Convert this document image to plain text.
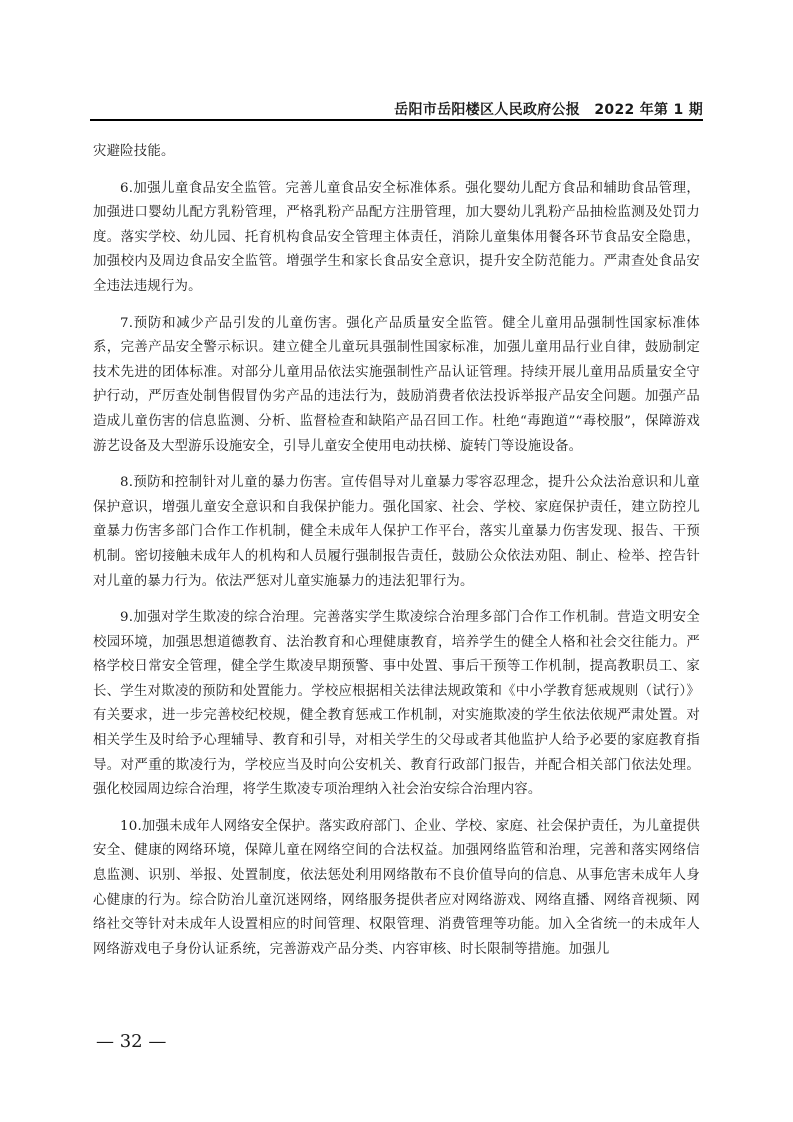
岳阳市岳阳楼区人民政府公报　2022 年第 1 期

灾避险技能。

6.加强儿童食品安全监管。完善儿童食品安全标准体系。强化婴幼儿配方食品和辅助食品管理，加强进口婴幼儿配方乳粉管理，严格乳粉产品配方注册管理，加大婴幼儿乳粉产品抽检监测及处罚力度。落实学校、幼儿园、托育机构食品安全管理主体责任，消除儿童集体用餐各环节食品安全隐患，加强校内及周边食品安全监管。增强学生和家长食品安全意识，提升安全防范能力。严肃查处食品安全违法违规行为。

7.预防和减少产品引发的儿童伤害。强化产品质量安全监管。健全儿童用品强制性国家标准体系，完善产品安全警示标识。建立健全儿童玩具强制性国家标准，加强儿童用品行业自律，鼓励制定技术先进的团体标准。对部分儿童用品依法实施强制性产品认证管理。持续开展儿童用品质量安全守护行动，严厉查处制售假冒伪劣产品的违法行为，鼓励消费者依法投诉举报产品安全问题。加强产品造成儿童伤害的信息监测、分析、监督检查和缺陷产品召回工作。杜绝“毒跑道”“毒校服”，保障游戏游艺设备及大型游乐设施安全，引导儿童安全使用电动扶梯、旋转门等设施设备。

8.预防和控制针对儿童的暴力伤害。宣传倡导对儿童暴力零容忍理念，提升公众法治意识和儿童保护意识，增强儿童安全意识和自我保护能力。强化国家、社会、学校、家庭保护责任，建立防控儿童暴力伤害多部门合作工作机制，健全未成年人保护工作平台，落实儿童暴力伤害发现、报告、干预机制。密切接触未成年人的机构和人员履行强制报告责任，鼓励公众依法劝阻、制止、检举、控告针对儿童的暴力行为。依法严惩对儿童实施暴力的违法犯罪行为。

9.加强对学生欺凌的综合治理。完善落实学生欺凌综合治理多部门合作工作机制。营造文明安全校园环境，加强思想道德教育、法治教育和心理健康教育，培养学生的健全人格和社会交往能力。严格学校日常安全管理，健全学生欺凌早期预警、事中处置、事后干预等工作机制，提高教职员工、家长、学生对欺凌的预防和处置能力。学校应根据相关法律法规政策和《中小学教育惩戒规则（试行）》有关要求，进一步完善校纪校规，健全教育惩戒工作机制，对实施欺凌的学生依法依规严肃处置。对相关学生及时给予心理辅导、教育和引导，对相关学生的父母或者其他监护人给予必要的家庭教育指导。对严重的欺凌行为，学校应当及时向公安机关、教育行政部门报告，并配合相关部门依法处理。强化校园周边综合治理，将学生欺凌专项治理纳入社会治安综合治理内容。

10.加强未成年人网络安全保护。落实政府部门、企业、学校、家庭、社会保护责任，为儿童提供安全、健康的网络环境，保障儿童在网络空间的合法权益。加强网络监管和治理，完善和落实网络信息监测、识别、举报、处置制度，依法惩处利用网络散布不良价值导向的信息、从事危害未成年人身心健康的行为。综合防治儿童沉迷网络，网络服务提供者应对网络游戏、网络直播、网络音视频、网络社交等针对未成年人设置相应的时间管理、权限管理、消费管理等功能。加入全省统一的未成年人网络游戏电子身份认证系统，完善游戏产品分类、内容审核、时长限制等措施。加强儿

— 32 —
